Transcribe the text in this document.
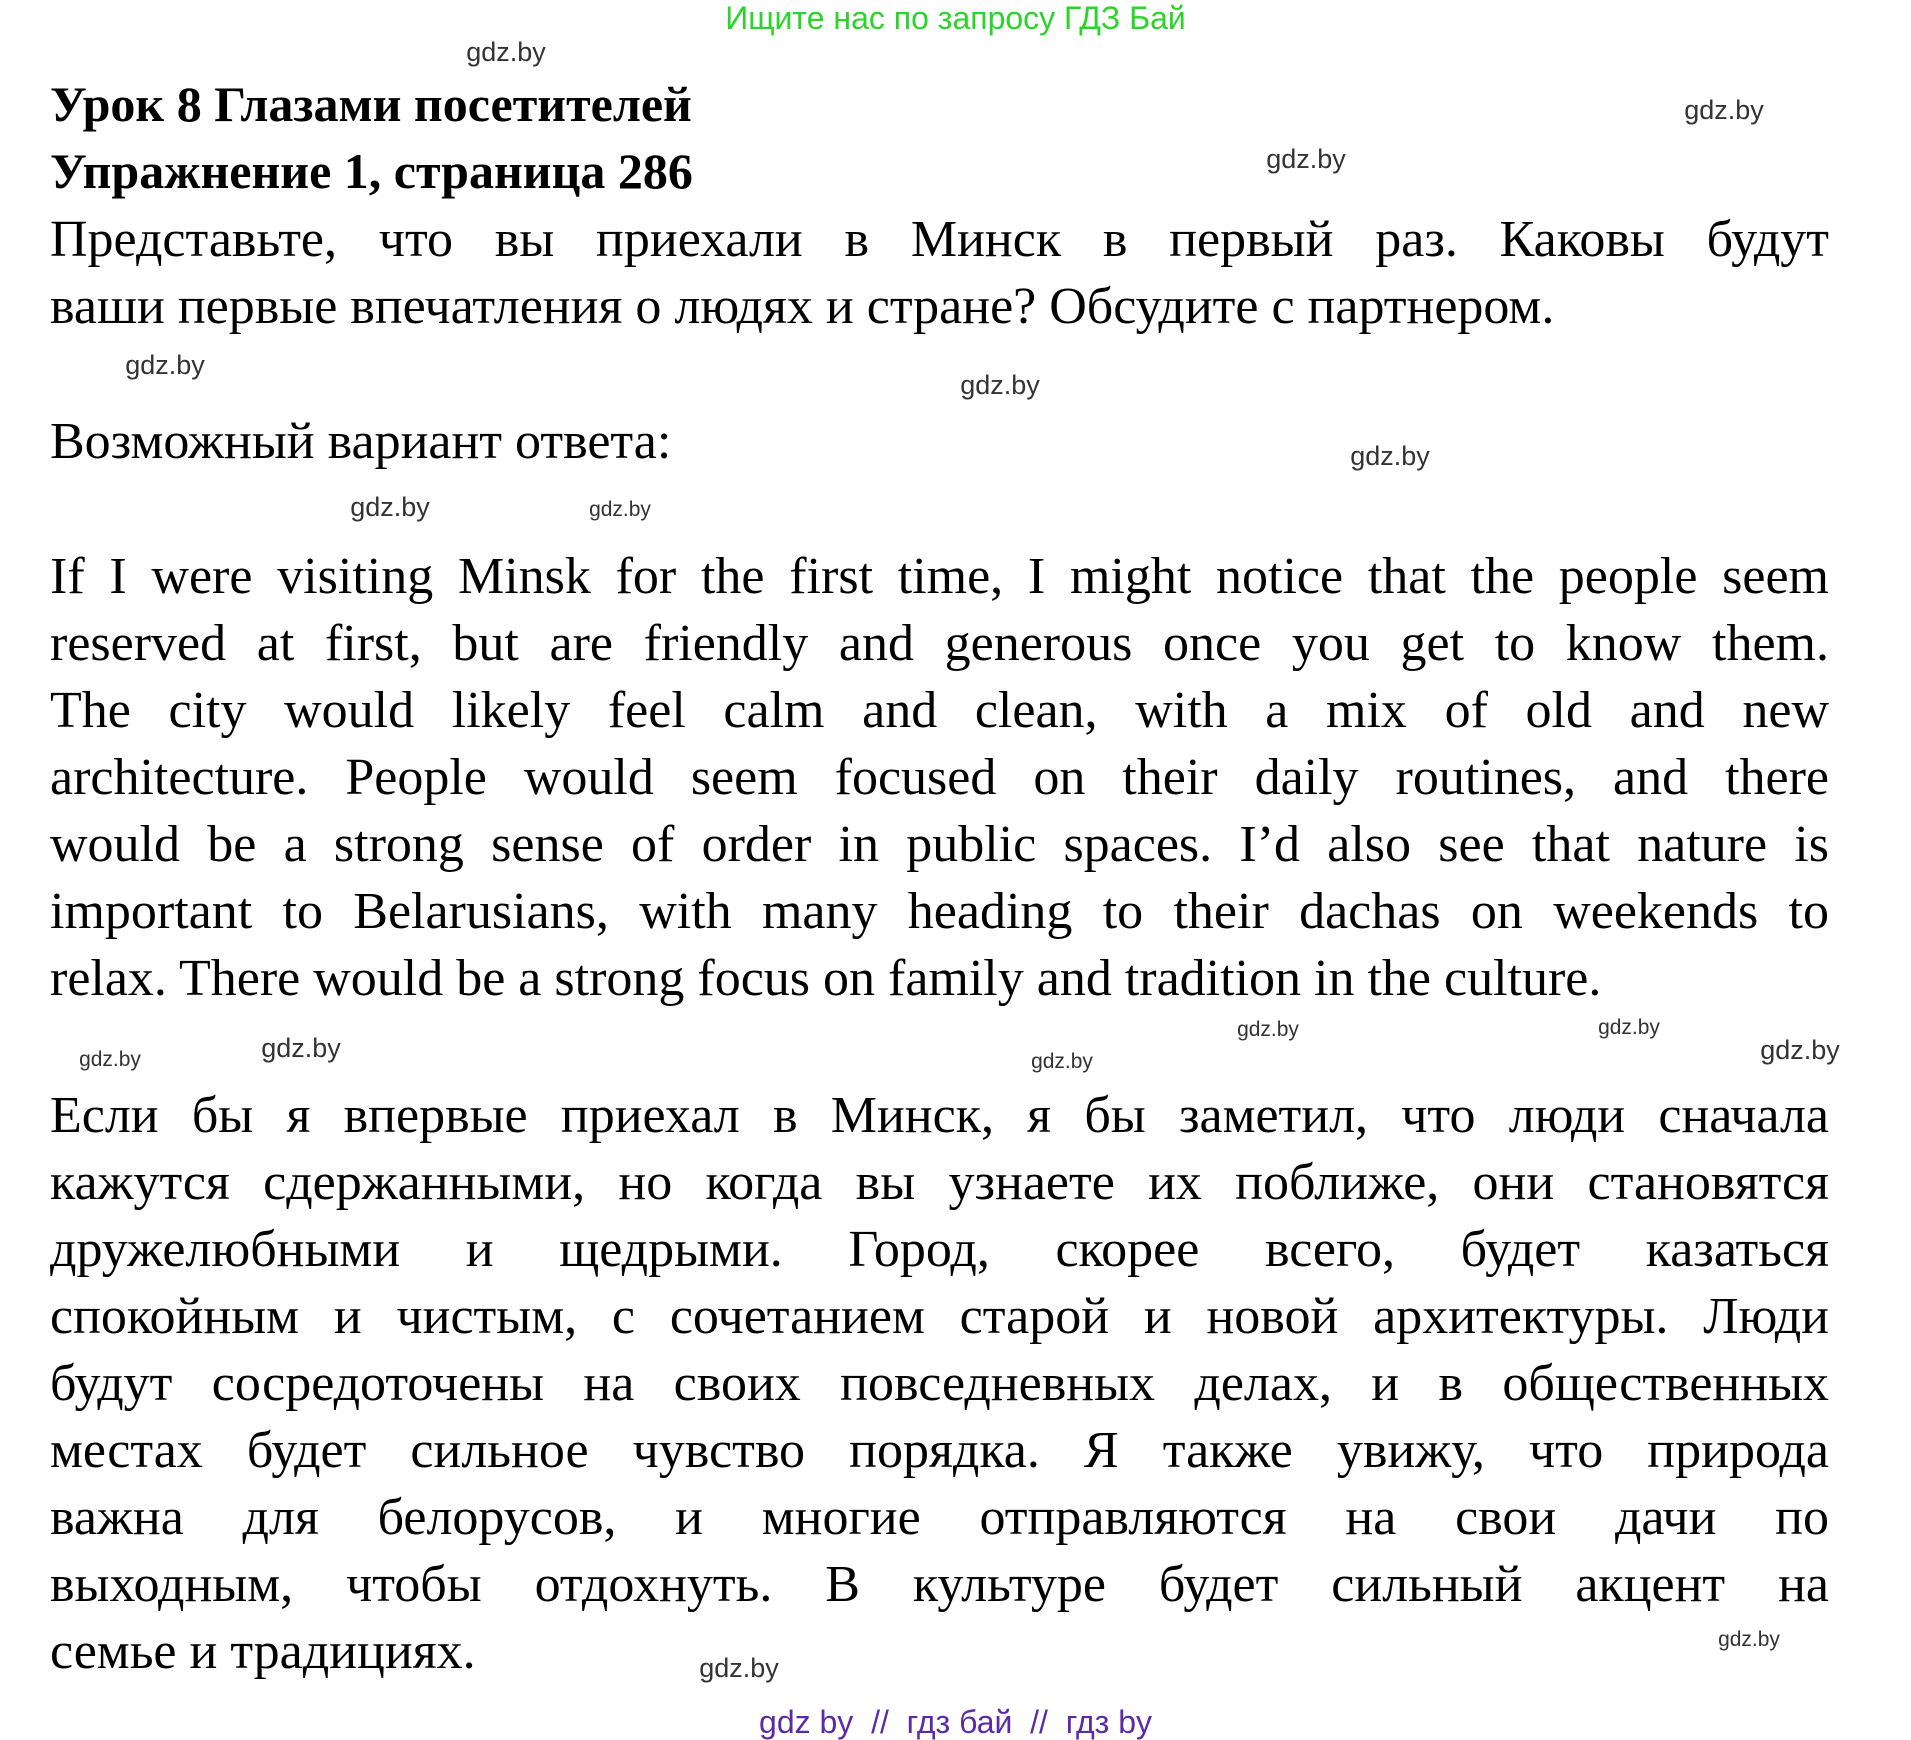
Ищите нас по запросу ГДЗ Бай
Урок 8 Глазами посетителей
Упражнение 1, страница 286
Представьте, что вы приехали в Минск в первый раз. Каковы будут
ваши первые впечатления о людях и стране? Обсудите с партнером.
Возможный вариант ответа:
If I were visiting Minsk for the first time, I might notice that the people seem
reserved at first, but are friendly and generous once you get to know them.
The city would likely feel calm and clean, with a mix of old and new
architecture. People would seem focused on their daily routines, and there
would be a strong sense of order in public spaces. I’d also see that nature is
important to Belarusians, with many heading to their dachas on weekends to
relax. There would be a strong focus on family and tradition in the culture.
Если бы я впервые приехал в Минск, я бы заметил, что люди сначала
кажутся сдержанными, но когда вы узнаете их поближе, они становятся
дружелюбными и щедрыми. Город, скорее всего, будет казаться
спокойным и чистым, с сочетанием старой и новой архитектуры. Люди
будут сосредоточены на своих повседневных делах, и в общественных
местах будет сильное чувство порядка. Я также увижу, что природа
важна для белорусов, и многие отправляются на свои дачи по
выходным, чтобы отдохнуть. В культуре будет сильный акцент на
семье и традициях.
gdz.by
gdz.by
gdz.by
gdz.by
gdz.by
gdz.by
gdz.by	gdz.by
gdz.by
gdz.by
gdz.by	gdz.by
gdz.by
gdz.by
gdz.by
gdz.by
gdz by  //  гдз бай  //  гдз by
